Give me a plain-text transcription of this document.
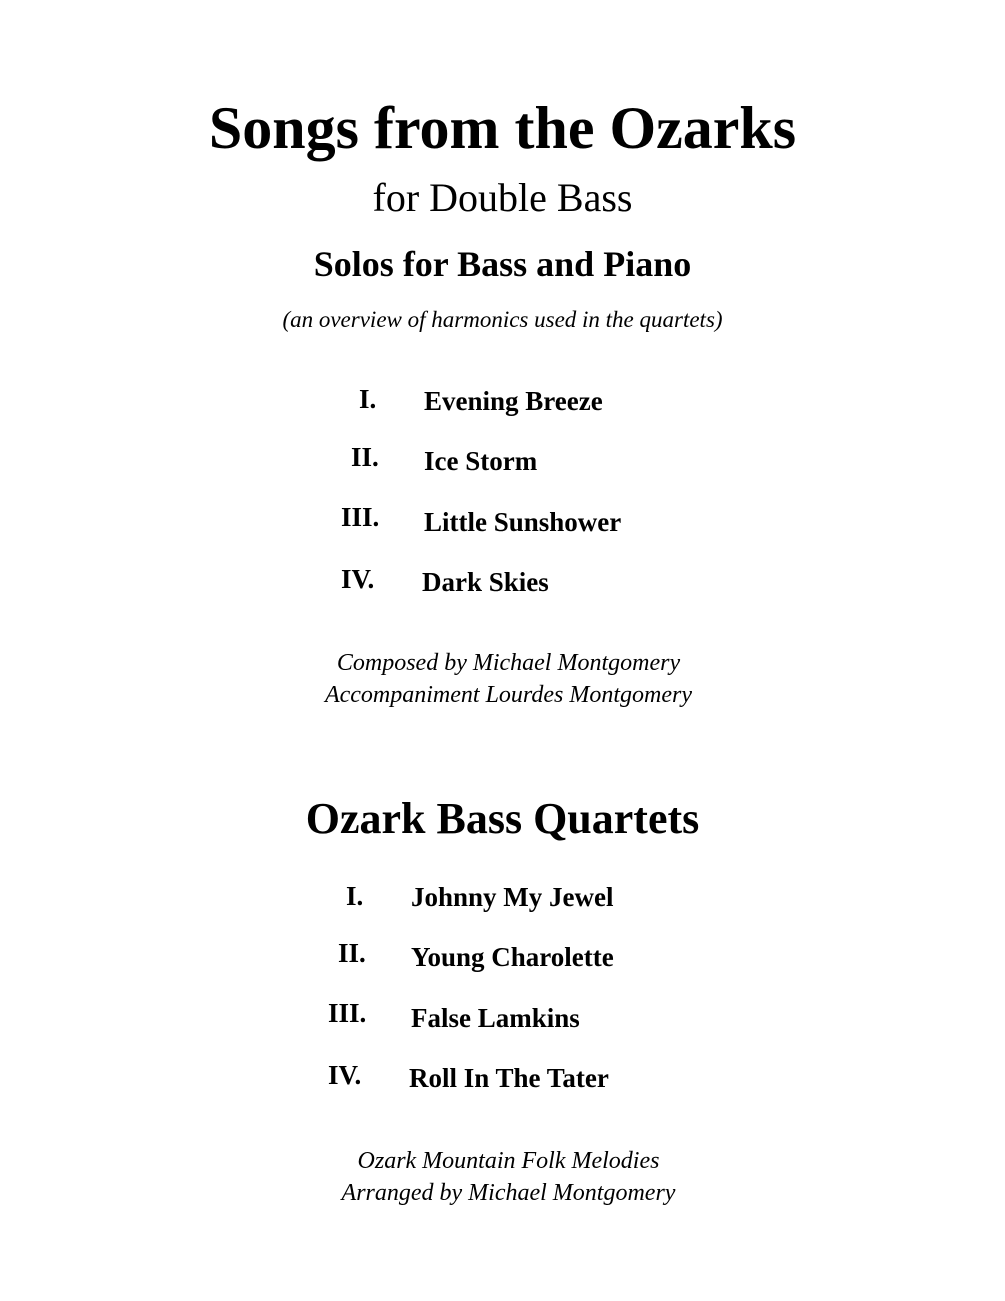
Songs from the Ozarks
for Double Bass
Solos for Bass and Piano
(an overview of harmonics used in the quartets)
I. Evening Breeze
II. Ice Storm
III. Little Sunshower
IV. Dark Skies
Composed by Michael Montgomery
Accompaniment Lourdes Montgomery
Ozark Bass Quartets
I. Johnny My Jewel
II. Young Charolette
III. False Lamkins
IV. Roll In The Tater
Ozark Mountain Folk Melodies
Arranged by Michael Montgomery
